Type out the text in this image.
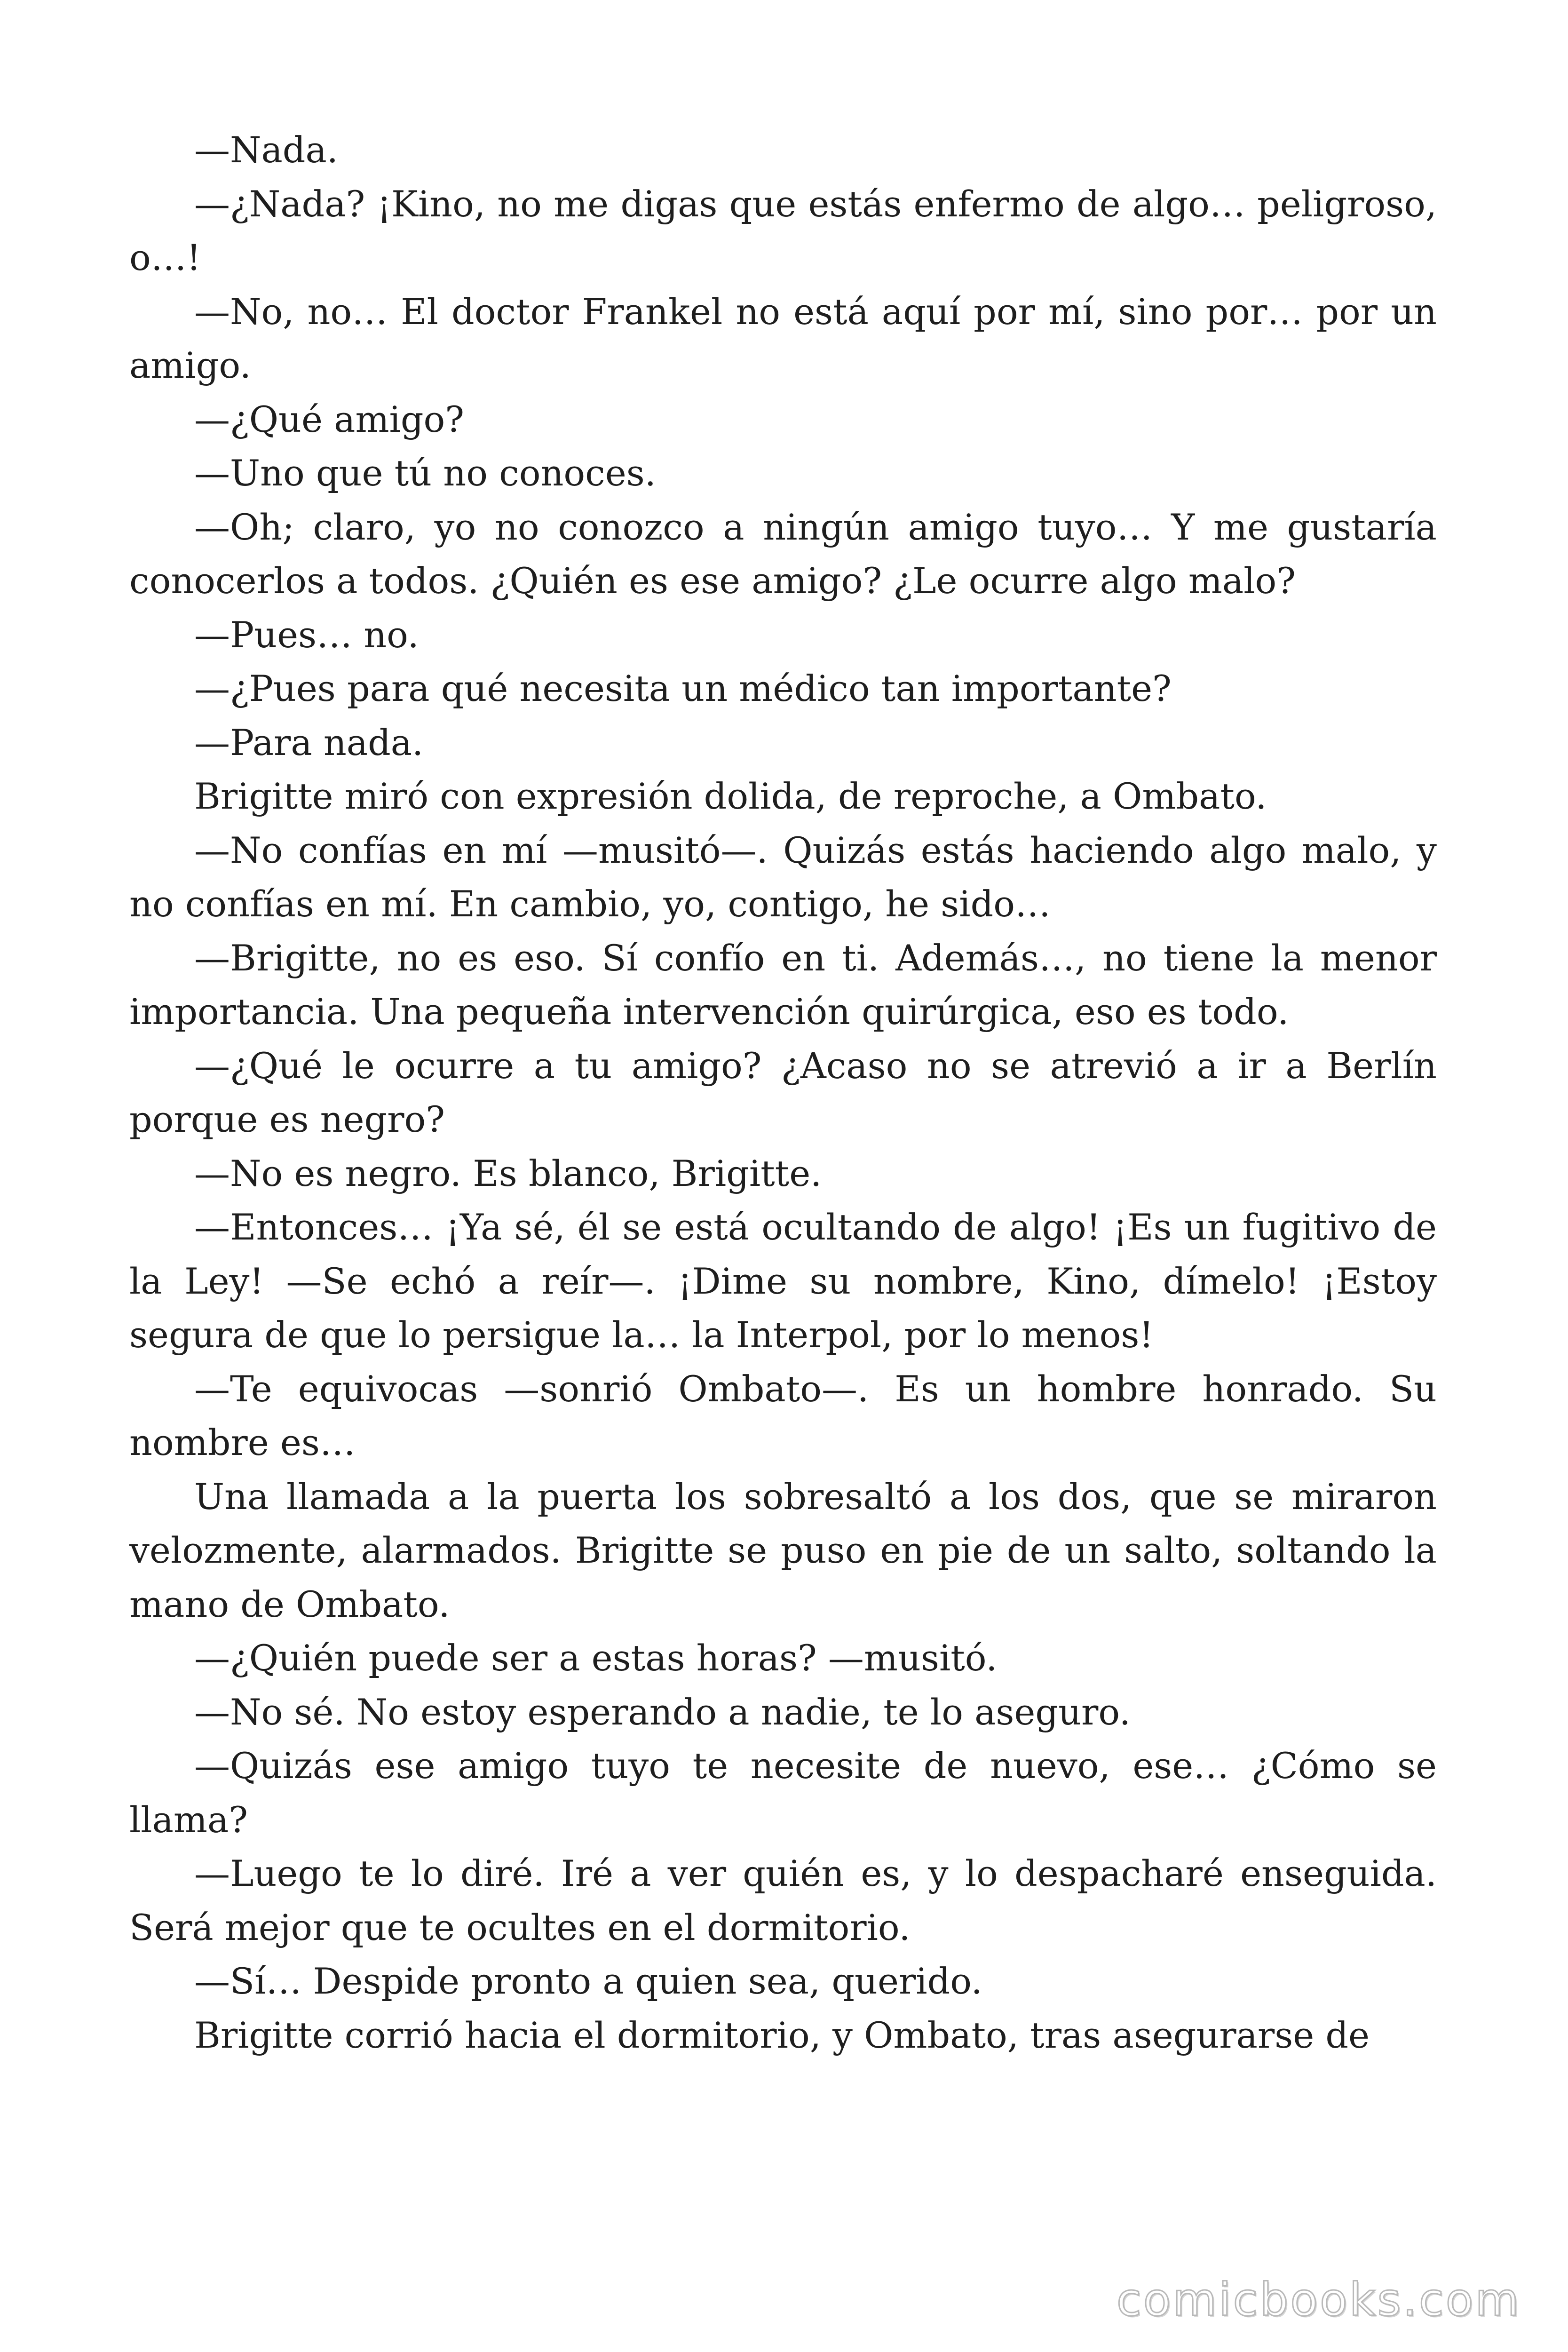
—Nada.

—¿Nada? ¡Kino, no me digas que estás enfermo de algo… peligroso, o…!

—No, no… El doctor Frankel no está aquí por mí, sino por… por un amigo.

—¿Qué amigo?

—Uno que tú no conoces.

—Oh; claro, yo no conozco a ningún amigo tuyo… Y me gustaría conocerlos a todos. ¿Quién es ese amigo? ¿Le ocurre algo malo?

—Pues… no.

—¿Pues para qué necesita un médico tan importante?

—Para nada.

Brigitte miró con expresión dolida, de reproche, a Ombato.

—No confías en mí —musitó—. Quizás estás haciendo algo malo, y no confías en mí. En cambio, yo, contigo, he sido…

—Brigitte, no es eso. Sí confío en ti. Además…, no tiene la menor importancia. Una pequeña intervención quirúrgica, eso es todo.

—¿Qué le ocurre a tu amigo? ¿Acaso no se atrevió a ir a Berlín porque es negro?

—No es negro. Es blanco, Brigitte.

—Entonces… ¡Ya sé, él se está ocultando de algo! ¡Es un fugitivo de la Ley! —Se echó a reír—. ¡Dime su nombre, Kino, dímelo! ¡Estoy segura de que lo persigue la… la Interpol, por lo menos!

—Te equivocas —sonrió Ombato—. Es un hombre honrado. Su nombre es…

Una llamada a la puerta los sobresaltó a los dos, que se miraron velozmente, alarmados. Brigitte se puso en pie de un salto, soltando la mano de Ombato.

—¿Quién puede ser a estas horas? —musitó.

—No sé. No estoy esperando a nadie, te lo aseguro.

—Quizás ese amigo tuyo te necesite de nuevo, ese… ¿Cómo se llama?

—Luego te lo diré. Iré a ver quién es, y lo despacharé enseguida. Será mejor que te ocultes en el dormitorio.

—Sí… Despide pronto a quien sea, querido.

Brigitte corrió hacia el dormitorio, y Ombato, tras asegurarse de

comicbooks.com
